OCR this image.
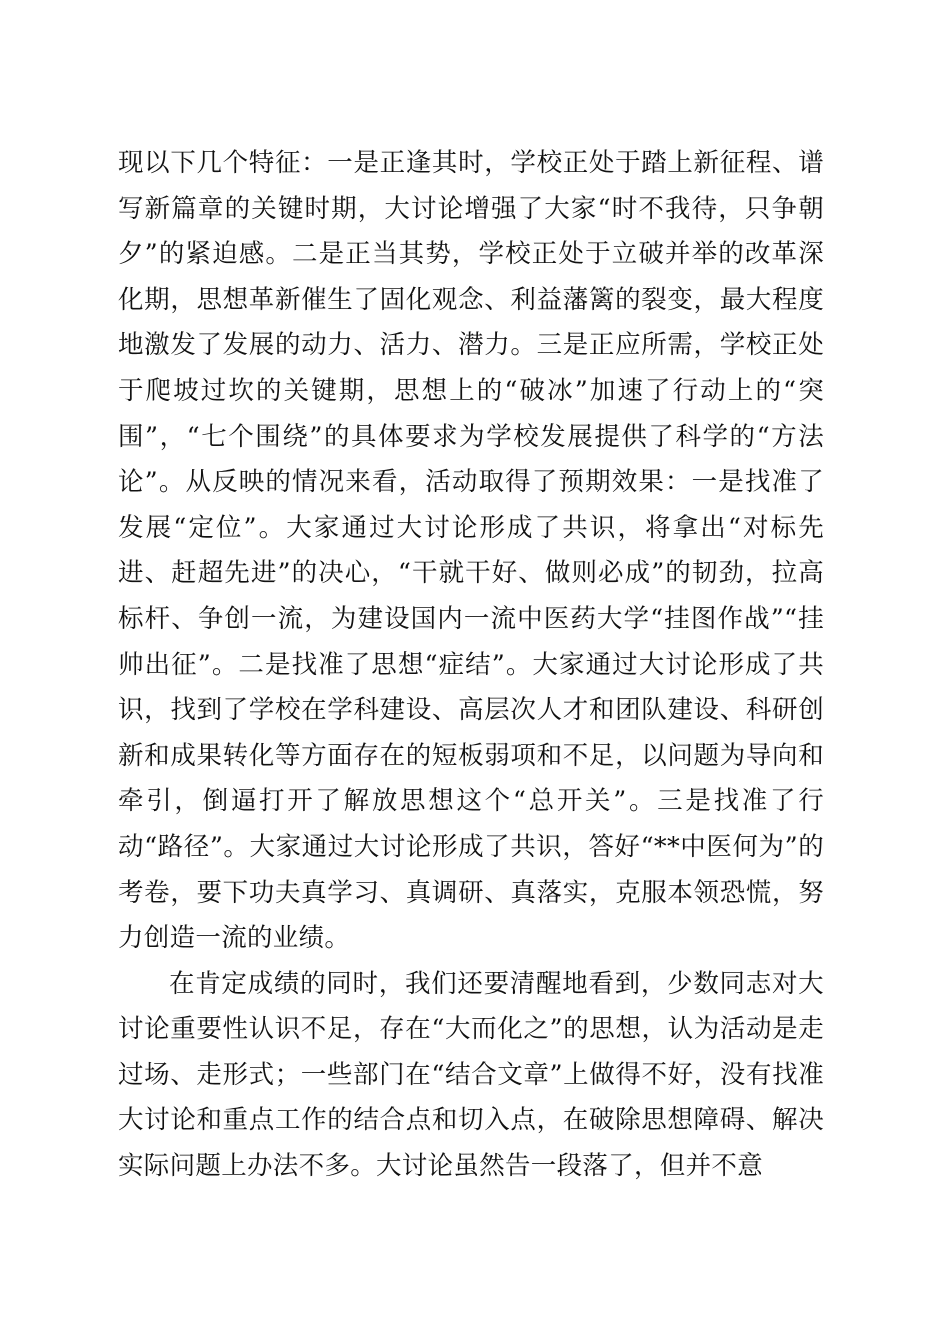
现以下几个特征：一是正逢其时，学校正处于踏上新征程、谱写新篇章的关键时期，大讨论增强了大家“时不我待，只争朝夕”的紧迫感。二是正当其势，学校正处于立破并举的改革深化期，思想革新催生了固化观念、利益藩篱的裂变，最大程度地激发了发展的动力、活力、潜力。三是正应所需，学校正处于爬坡过坎的关键期，思想上的“破冰”加速了行动上的“突围”，“七个围绕”的具体要求为学校发展提供了科学的“方法论”。从反映的情况来看，活动取得了预期效果：一是找准了发展“定位”。大家通过大讨论形成了共识，将拿出“对标先进、赶超先进”的决心，“干就干好、做则必成”的韧劲，拉高标杆、争创一流，为建设国内一流中医药大学“挂图作战”“挂帅出征”。二是找准了思想“症结”。大家通过大讨论形成了共识，找到了学校在学科建设、高层次人才和团队建设、科研创新和成果转化等方面存在的短板弱项和不足，以问题为导向和牵引，倒逼打开了解放思想这个“总开关”。三是找准了行动“路径”。大家通过大讨论形成了共识，答好“**中医何为”的考卷，要下功夫真学习、真调研、真落实，克服本领恐慌，努力创造一流的业绩。

在肯定成绩的同时，我们还要清醒地看到，少数同志对大讨论重要性认识不足，存在“大而化之”的思想，认为活动是走过场、走形式；一些部门在“结合文章”上做得不好，没有找准大讨论和重点工作的结合点和切入点，在破除思想障碍、解决实际问题上办法不多。大讨论虽然告一段落了，但并不意
